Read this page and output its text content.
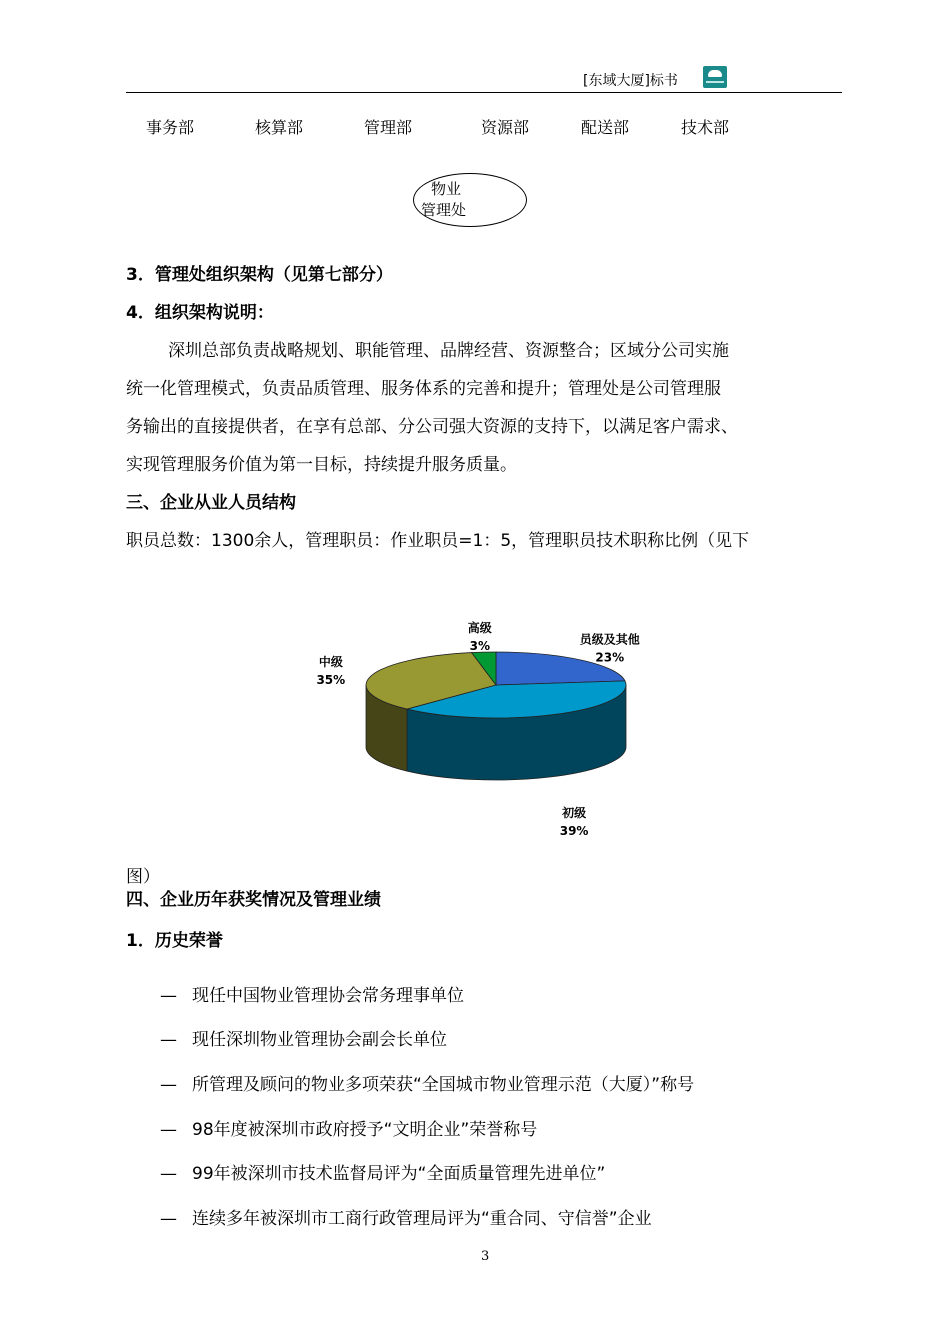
[东域大厦]标书
事务部	核算部	管理部	资源部	配送部	技术部
物业
管理处
3．管理处组织架构（见第七部分）
4．组织架构说明：
深圳总部负责战略规划、职能管理、品牌经营、资源整合；区域分公司实施
统一化管理模式，负责品质管理、服务体系的完善和提升；管理处是公司管理服
务输出的直接提供者，在享有总部、分公司强大资源的支持下，以满足客户需求、
实现管理服务价值为第一目标，持续提升服务质量。
三、企业从业人员结构
职员总数：1300余人，管理职员：作业职员=1：5，管理职员技术职称比例（见下
员级及其他
23%
初级
39%
中级
35%
高级
3%
图）
四、企业历年获奖情况及管理业绩
1．历史荣誉
— 现任中国物业管理协会常务理事单位
— 现任深圳物业管理协会副会长单位
— 所管理及顾问的物业多项荣获“全国城市物业管理示范（大厦）”称号
— 98年度被深圳市政府授予“文明企业”荣誉称号
— 99年被深圳市技术监督局评为“全面质量管理先进单位”
— 连续多年被深圳市工商行政管理局评为“重合同、守信誉”企业
3
